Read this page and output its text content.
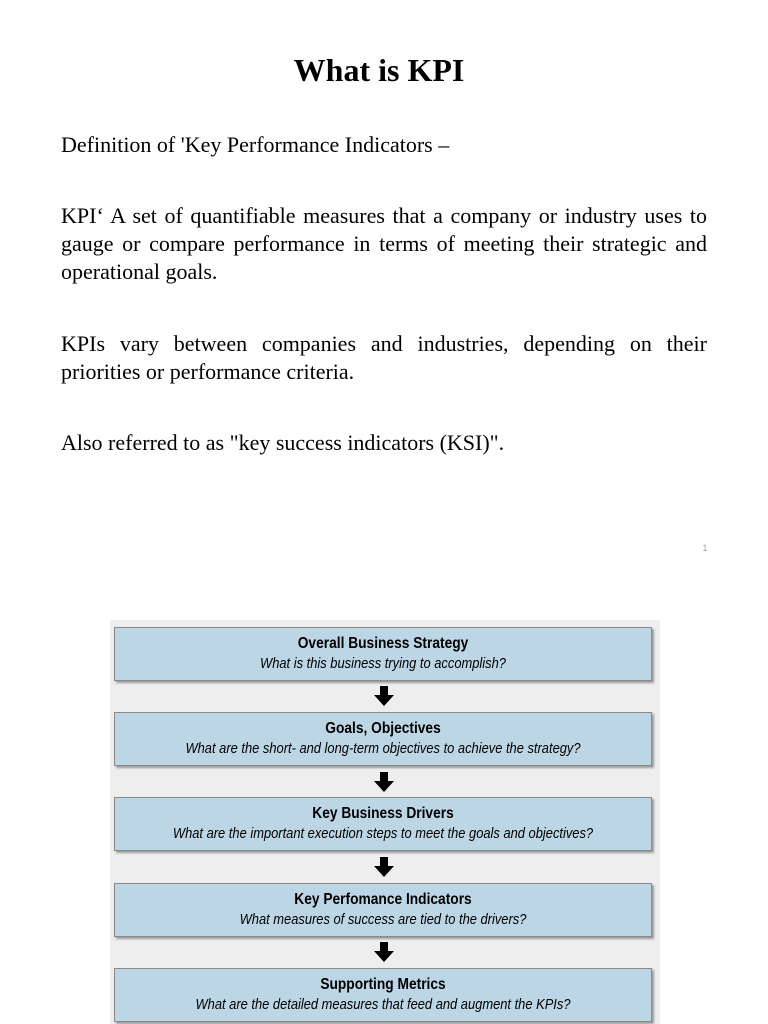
What is KPI
Definition of 'Key Performance Indicators –
KPI‘ A set of quantifiable measures that a company or industry uses to gauge or compare performance in terms of meeting their strategic and operational goals.
KPIs vary between companies and industries, depending on their priorities or performance criteria.
Also referred to as "key success indicators (KSI)".
1
Overall Business Strategy
What is this business trying to accomplish?
Goals, Objectives
What are the short- and long-term objectives to achieve the strategy?
Key Business Drivers
What are the important execution steps to meet the goals and objectives?
Key Perfomance Indicators
What measures of success are tied to the drivers?
Supporting Metrics
What are the detailed measures that feed and augment the KPIs?
